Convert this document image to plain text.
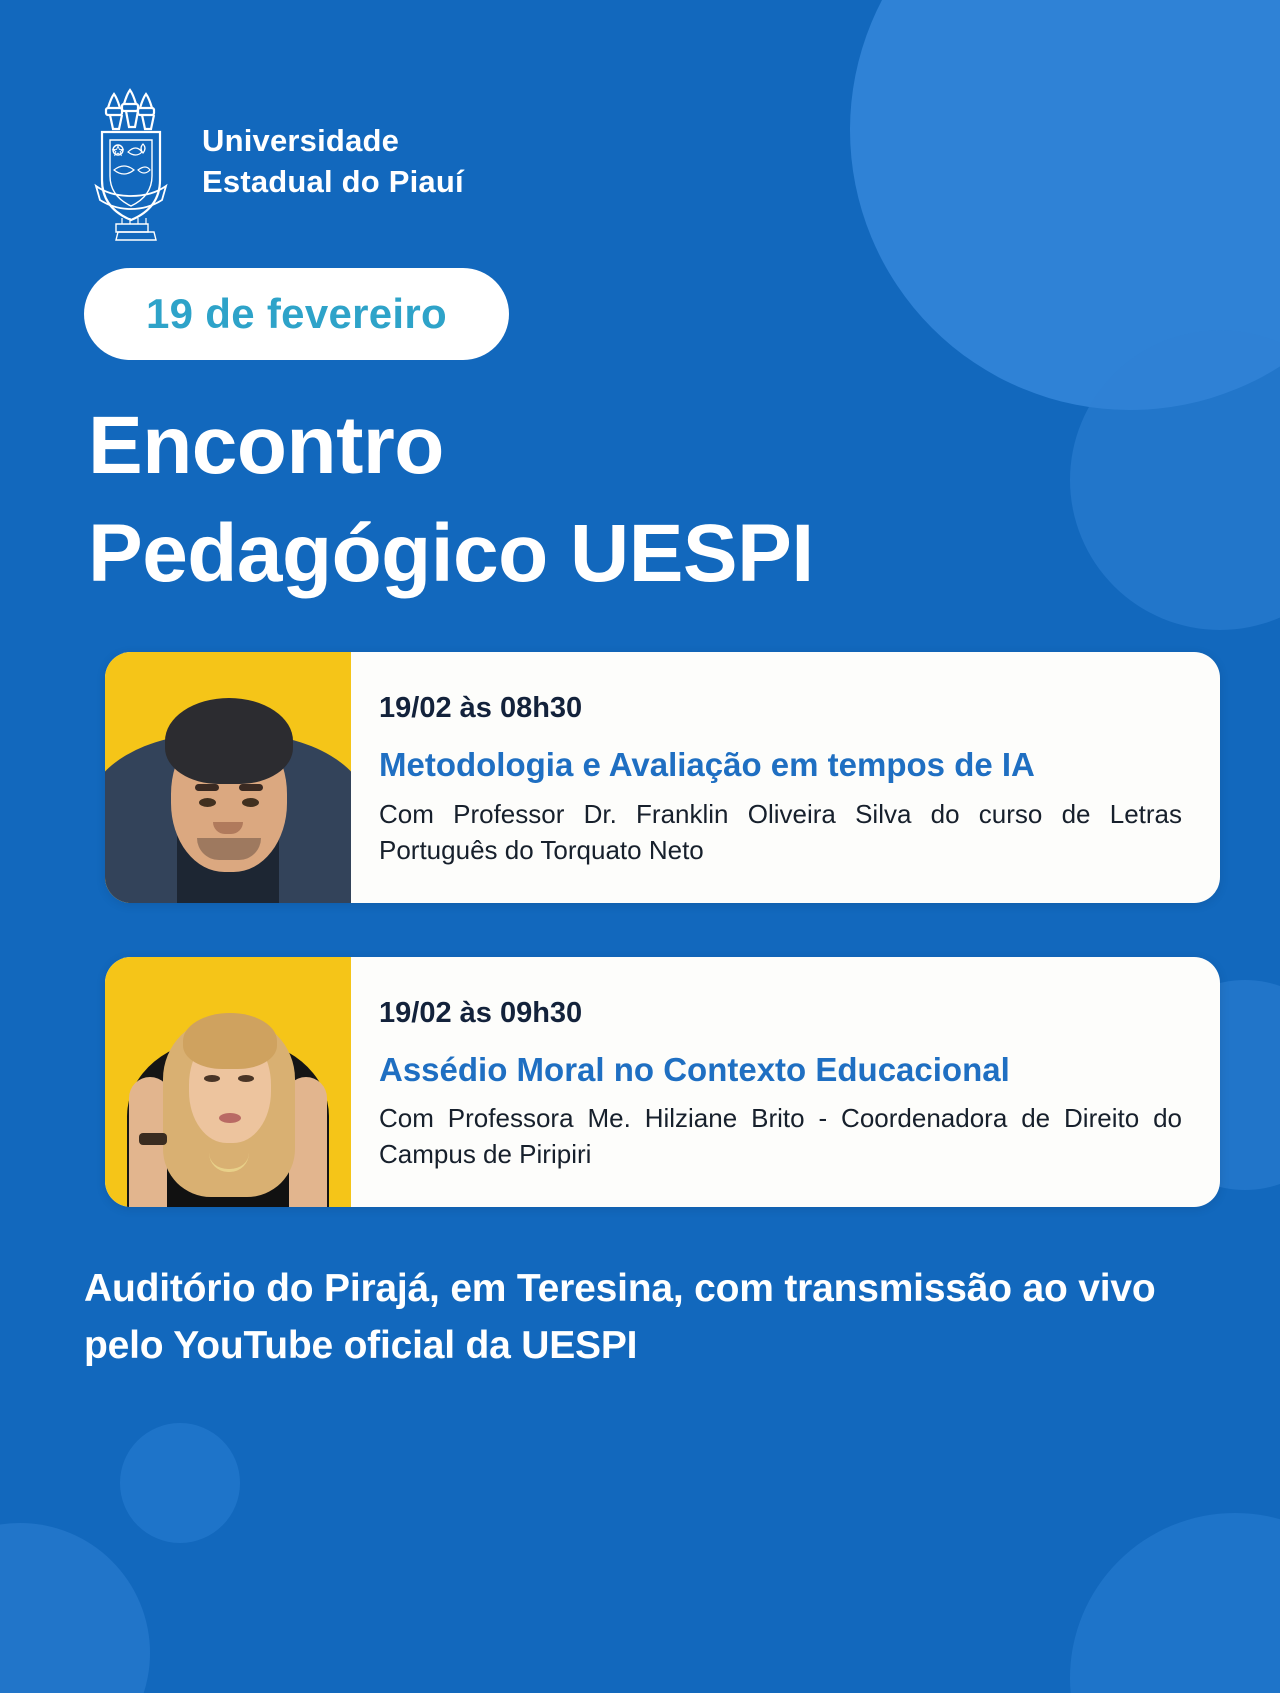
Universidade
Estadual do Piauí
19 de fevereiro
Encontro
Pedagógico UESPI
19/02 às 08h30
Metodologia e Avaliação em tempos de IA
Com Professor Dr. Franklin Oliveira Silva do curso de Letras Português do Torquato Neto
19/02 às 09h30
Assédio Moral no Contexto Educacional
Com Professora Me. Hilziane Brito - Coordenadora de Direito do Campus de Piripiri
Auditório do Pirajá, em Teresina, com transmissão ao vivo pelo YouTube oficial da UESPI
